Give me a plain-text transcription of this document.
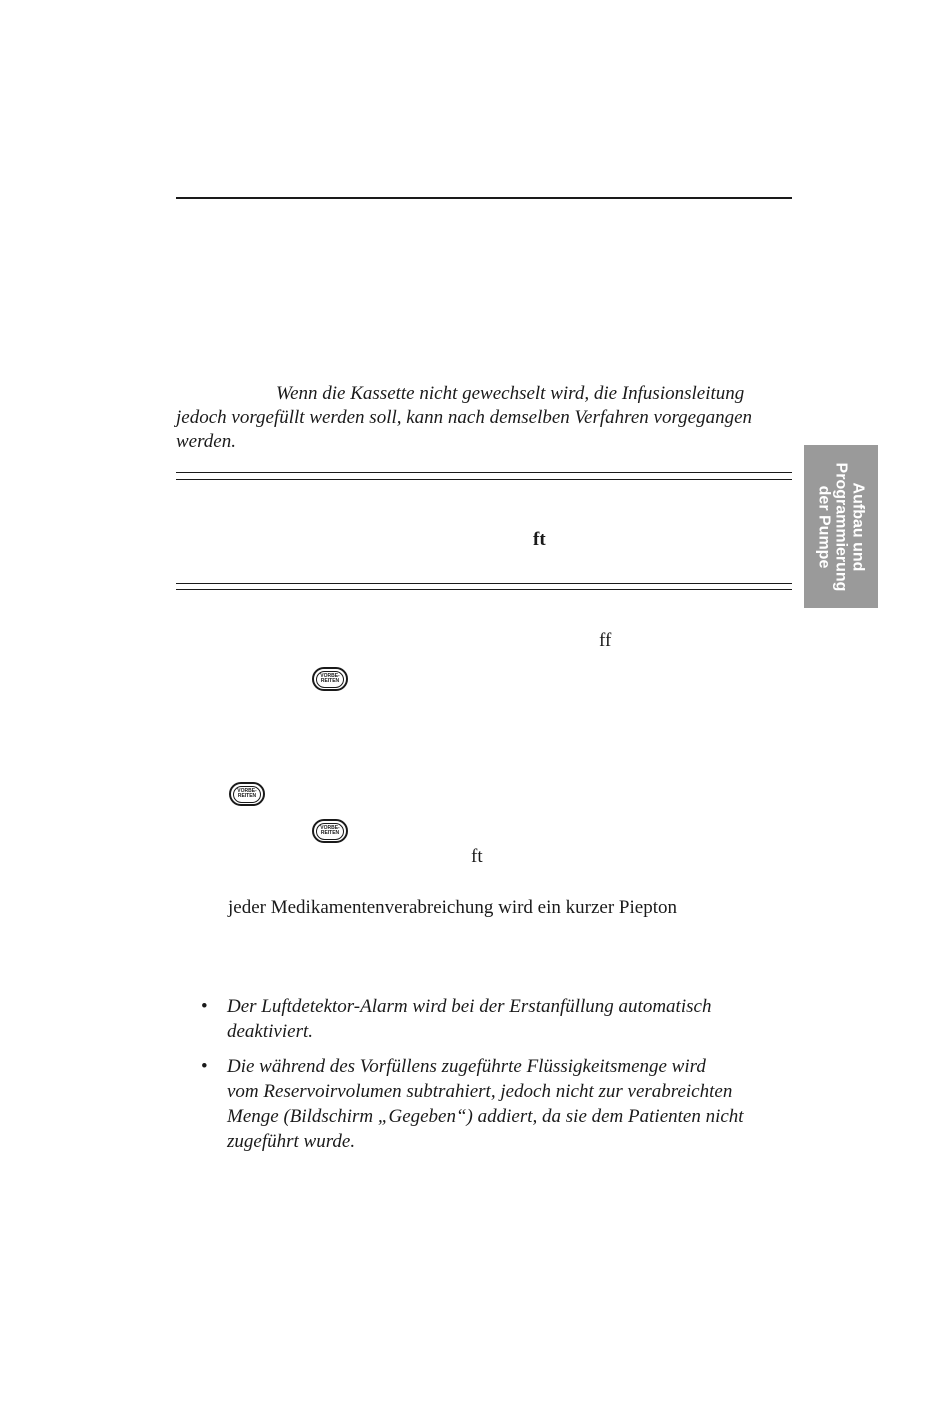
Wenn die Kassette nicht gewechselt wird, die Infusionsleitung
jedoch vorgefüllt werden soll, kann nach demselben Verfahren vorgegangen
werden.
Aufbau und
Programmierung
der Pumpe
ft
ff
VORBE-
REITEN
VORBE-
REITEN
VORBE-
REITEN
ft
jeder Medikamentenverabreichung wird ein kurzer Piepton
• Der Luftdetektor-Alarm wird bei der Erstanfüllung automatisch
deaktiviert.
• Die während des Vorfüllens zugeführte Flüssigkeitsmenge wird
vom Reservoirvolumen subtrahiert, jedoch nicht zur verabreichten
Menge (Bildschirm „Gegeben“) addiert, da sie dem Patienten nicht
zugeführt wurde.
